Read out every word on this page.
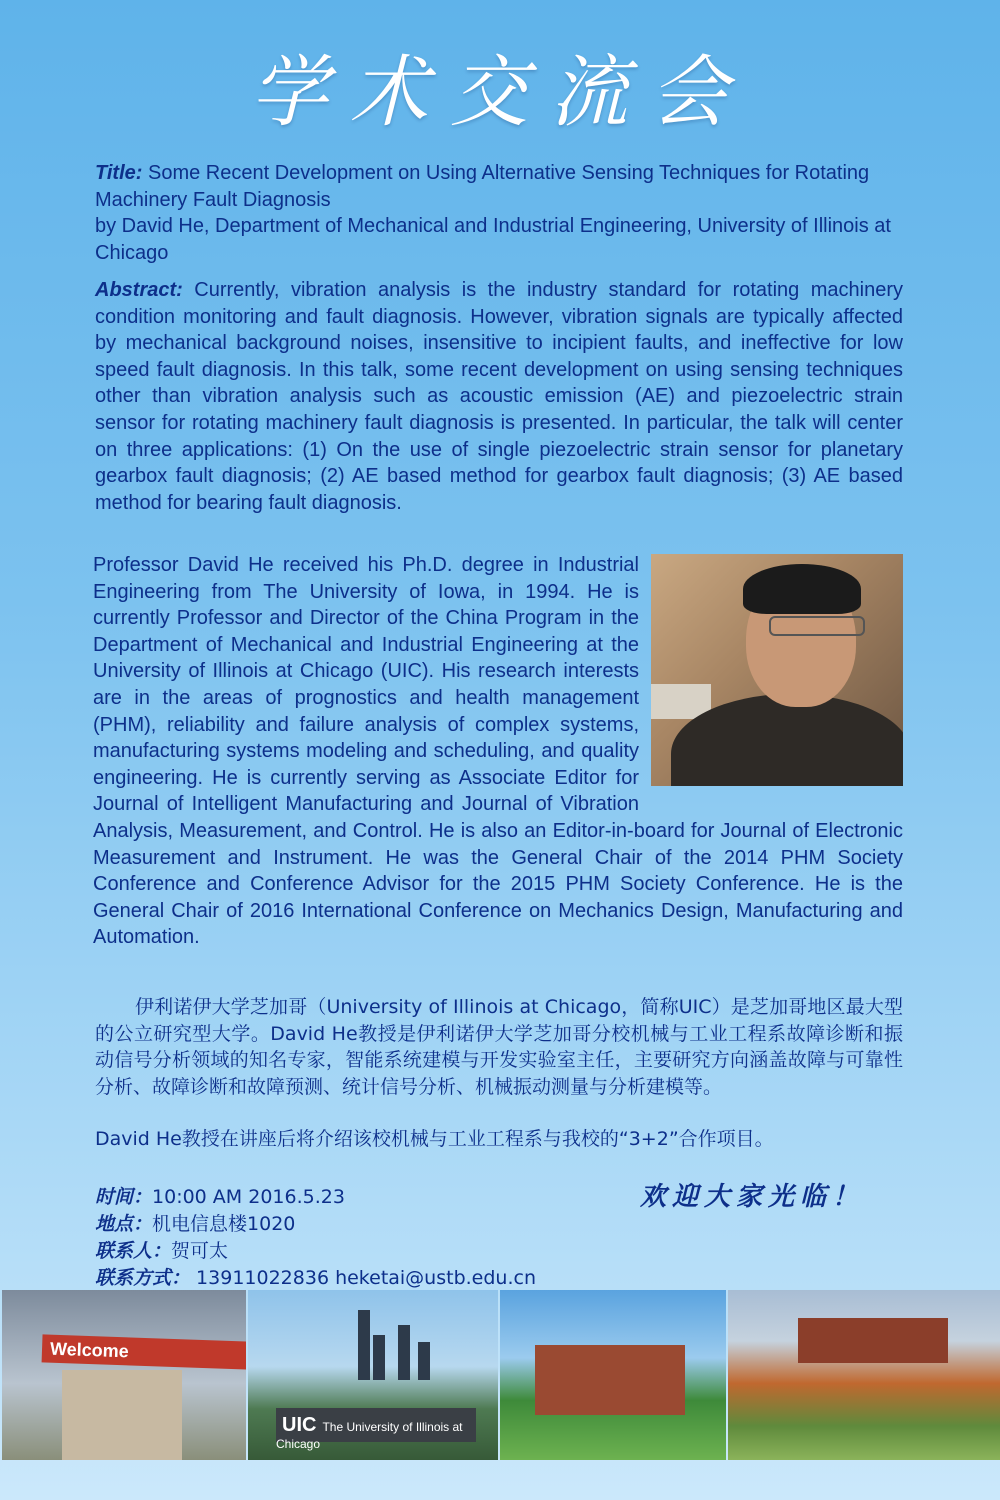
学术交流会
Title: Some Recent Development on Using Alternative Sensing Techniques for Rotating Machinery Fault Diagnosis
by David He, Department of Mechanical and Industrial Engineering, University of Illinois at Chicago
Abstract: Currently, vibration analysis is the industry standard for rotating machinery condition monitoring and fault diagnosis. However, vibration signals are typically affected by mechanical background noises, insensitive to incipient faults, and ineffective for low speed fault diagnosis. In this talk, some recent development on using sensing techniques other than vibration analysis such as acoustic emission (AE) and piezoelectric strain sensor for rotating machinery fault diagnosis is presented. In particular, the talk will center on three applications: (1) On the use of single piezoelectric strain sensor for planetary gearbox fault diagnosis; (2) AE based method for gearbox fault diagnosis; (3) AE based method for bearing fault diagnosis.
Professor David He received his Ph.D. degree in Industrial Engineering from The University of Iowa, in 1994. He is currently Professor and Director of the China Program in the Department of Mechanical and Industrial Engineering at the University of Illinois at Chicago (UIC). His research interests are in the areas of prognostics and health management (PHM), reliability and failure analysis of complex systems, manufacturing systems modeling and scheduling, and quality engineering. He is currently serving as Associate Editor for Journal of Intelligent Manufacturing and Journal of Vibration Analysis, Measurement, and Control. He is also an Editor-in-board for Journal of Electronic Measurement and Instrument. He was the General Chair of the 2014 PHM Society Conference and Conference Advisor for the 2015 PHM Society Conference. He is the General Chair of 2016 International Conference on Mechanics Design, Manufacturing and Automation.
伊利诺伊大学芝加哥（University of Illinois at Chicago，简称UIC）是芝加哥地区最大型的公立研究型大学。David He教授是伊利诺伊大学芝加哥分校机械与工业工程系故障诊断和振动信号分析领域的知名专家，智能系统建模与开发实验室主任，主要研究方向涵盖故障与可靠性分析、故障诊断和故障预测、统计信号分析、机械振动测量与分析建模等。
David He教授在讲座后将介绍该校机械与工业工程系与我校的“3+2”合作项目。
欢迎大家光临！
时间：10:00 AM 2016.5.23
地点：机电信息楼1020
联系人：贺可太
联系方式： 13911022836 heketai@ustb.edu.cn
Welcome
UIC The University of Illinois at Chicago
